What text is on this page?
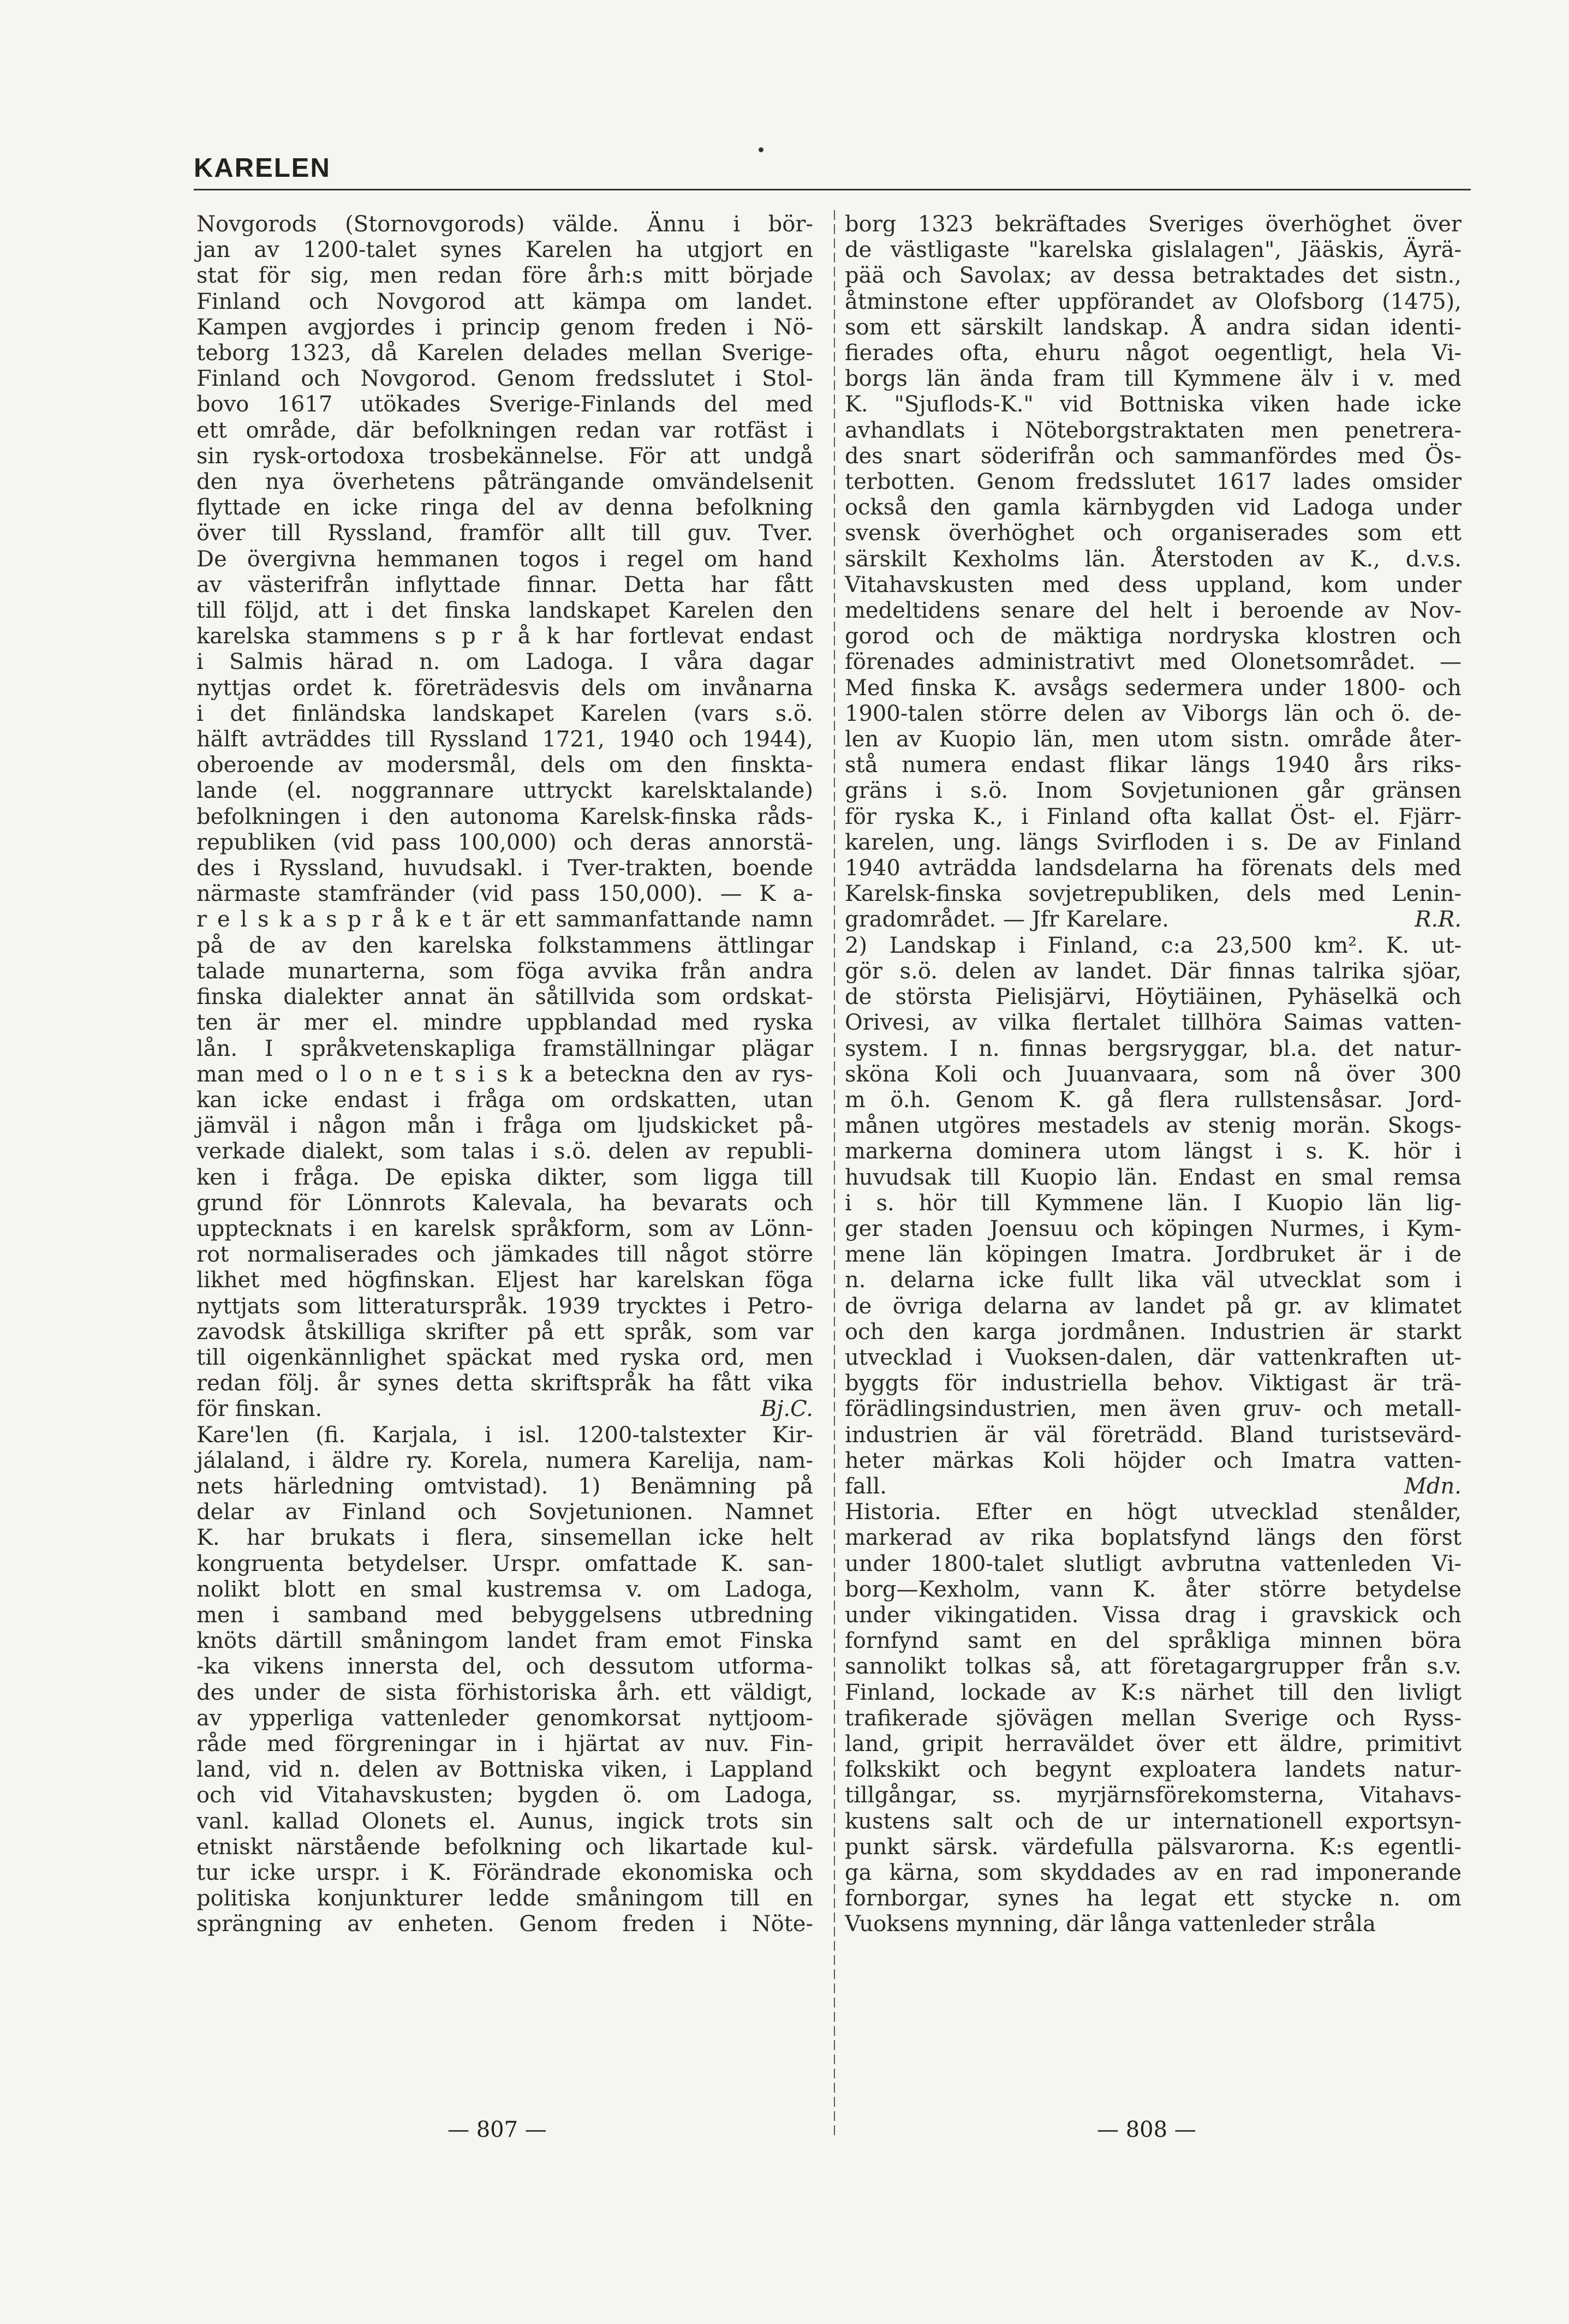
KARELEN
Novgorods (Stornovgorods) välde. Ännu i bör-
jan av 1200-talet synes Karelen ha utgjort en
stat för sig, men redan före årh:s mitt började
Finland och Novgorod att kämpa om landet.
Kampen avgjordes i princip genom freden i Nö-
teborg 1323, då Karelen delades mellan Sverige-
Finland och Novgorod. Genom fredsslutet i Stol-
bovo 1617 utökades Sverige-Finlands del med
ett område, där befolkningen redan var rotfäst i
sin rysk-ortodoxa trosbekännelse. För att undgå
den nya överhetens påträngande omvändelsenit
flyttade en icke ringa del av denna befolkning
över till Ryssland, framför allt till guv. Tver.
De övergivna hemmanen togos i regel om hand
av västerifrån inflyttade finnar. Detta har fått
till följd, att i det finska landskapet Karelen den
karelska stammens s p r å k har fortlevat endast
i Salmis härad n. om Ladoga. I våra dagar
nyttjas ordet k. företrädesvis dels om invånarna
i det finländska landskapet Karelen (vars s.ö.
hälft avträddes till Ryssland 1721, 1940 och 1944),
oberoende av modersmål, dels om den finskta-
lande (el. noggrannare uttryckt karelsktalande)
befolkningen i den autonoma Karelsk-finska råds-
republiken (vid pass 100,000) och deras annorstä-
des i Ryssland, huvudsakl. i Tver-trakten, boende
närmaste stamfränder (vid pass 150,000). — K a-
r e l s k a s p r å k e t är ett sammanfattande namn
på de av den karelska folkstammens ättlingar
talade munarterna, som föga avvika från andra
finska dialekter annat än såtillvida som ordskat-
ten är mer el. mindre uppblandad med ryska
lån. I språkvetenskapliga framställningar plägar
man med o l o n e t s i s k a beteckna den av rys-
kan icke endast i fråga om ordskatten, utan
jämväl i någon mån i fråga om ljudskicket på-
verkade dialekt, som talas i s.ö. delen av republi-
ken i fråga. De episka dikter, som ligga till
grund för Lönnrots Kalevala, ha bevarats och
upptecknats i en karelsk språkform, som av Lönn-
rot normaliserades och jämkades till något större
likhet med högfinskan. Eljest har karelskan föga
nyttjats som litteraturspråk. 1939 trycktes i Petro-
zavodsk åtskilliga skrifter på ett språk, som var
till oigenkännlighet späckat med ryska ord, men
redan följ. år synes detta skriftspråk ha fått vika
för finskan.	Bj.C.
Kare'len (fi. Karjala, i isl. 1200-talstexter Kir-
jálaland, i äldre ry. Korela, numera Karelija, nam-
nets härledning omtvistad). 1) Benämning på
delar av Finland och Sovjetunionen. Namnet
K. har brukats i flera, sinsemellan icke helt
kongruenta betydelser. Urspr. omfattade K. san-
nolikt blott en smal kustremsa v. om Ladoga,
men i samband med bebyggelsens utbredning
knöts därtill småningom landet fram emot Finska
-ka vikens innersta del, och dessutom utforma-
des under de sista förhistoriska årh. ett väldigt,
av ypperliga vattenleder genomkorsat nyttjoom-
råde med förgreningar in i hjärtat av nuv. Fin-
land, vid n. delen av Bottniska viken, i Lappland
och vid Vitahavskusten; bygden ö. om Ladoga,
vanl. kallad Olonets el. Aunus, ingick trots sin
etniskt närstående befolkning och likartade kul-
tur icke urspr. i K. Förändrade ekonomiska och
politiska konjunkturer ledde småningom till en
sprängning av enheten. Genom freden i Nöte-
borg 1323 bekräftades Sveriges överhöghet över
de västligaste "karelska gislalagen", Jääskis, Äyrä-
pää och Savolax; av dessa betraktades det sistn.,
åtminstone efter uppförandet av Olofsborg (1475),
som ett särskilt landskap. Å andra sidan identi-
fierades ofta, ehuru något oegentligt, hela Vi-
borgs län ända fram till Kymmene älv i v. med
K. "Sjuflods-K." vid Bottniska viken hade icke
avhandlats i Nöteborgstraktaten men penetrera-
des snart söderifrån och sammanfördes med Ös-
terbotten. Genom fredsslutet 1617 lades omsider
också den gamla kärnbygden vid Ladoga under
svensk överhöghet och organiserades som ett
särskilt Kexholms län. Återstoden av K., d.v.s.
Vitahavskusten med dess uppland, kom under
medeltidens senare del helt i beroende av Nov-
gorod och de mäktiga nordryska klostren och
förenades administrativt med Olonetsområdet. —
Med finska K. avsågs sedermera under 1800- och
1900-talen större delen av Viborgs län och ö. de-
len av Kuopio län, men utom sistn. område åter-
stå numera endast flikar längs 1940 års riks-
gräns i s.ö. Inom Sovjetunionen går gränsen
för ryska K., i Finland ofta kallat Öst- el. Fjärr-
karelen, ung. längs Svirfloden i s. De av Finland
1940 avträdda landsdelarna ha förenats dels med
Karelsk-finska sovjetrepubliken, dels med Lenin-
gradområdet. — Jfr Karelare.	R.R.
2) Landskap i Finland, c:a 23,500 km². K. ut-
gör s.ö. delen av landet. Där finnas talrika sjöar,
de största Pielisjärvi, Höytiäinen, Pyhäselkä och
Orivesi, av vilka flertalet tillhöra Saimas vatten-
system. I n. finnas bergsryggar, bl.a. det natur-
sköna Koli och Juuanvaara, som nå över 300
m ö.h. Genom K. gå flera rullstensåsar. Jord-
månen utgöres mestadels av stenig morän. Skogs-
markerna dominera utom längst i s. K. hör i
huvudsak till Kuopio län. Endast en smal remsa
i s. hör till Kymmene län. I Kuopio län lig-
ger staden Joensuu och köpingen Nurmes, i Kym-
mene län köpingen Imatra. Jordbruket är i de
n. delarna icke fullt lika väl utvecklat som i
de övriga delarna av landet på gr. av klimatet
och den karga jordmånen. Industrien är starkt
utvecklad i Vuoksen-dalen, där vattenkraften ut-
byggts för industriella behov. Viktigast är trä-
förädlingsindustrien, men även gruv- och metall-
industrien är väl företrädd. Bland turistsevärd-
heter märkas Koli höjder och Imatra vatten-
fall.	Mdn.
Historia. Efter en högt utvecklad stenålder,
markerad av rika boplatsfynd längs den först
under 1800-talet slutligt avbrutna vattenleden Vi-
borg—Kexholm, vann K. åter större betydelse
under vikingatiden. Vissa drag i gravskick och
fornfynd samt en del språkliga minnen böra
sannolikt tolkas så, att företagargrupper från s.v.
Finland, lockade av K:s närhet till den livligt
trafikerade sjövägen mellan Sverige och Ryss-
land, gripit herraväldet över ett äldre, primitivt
folkskikt och begynt exploatera landets natur-
tillgångar, ss. myrjärnsförekomsterna, Vitahavs-
kustens salt och de ur internationell exportsyn-
punkt särsk. värdefulla pälsvarorna. K:s egentli-
ga kärna, som skyddades av en rad imponerande
fornborgar, synes ha legat ett stycke n. om
Vuoksens mynning, där långa vattenleder stråla
— 807 —	— 808 —
